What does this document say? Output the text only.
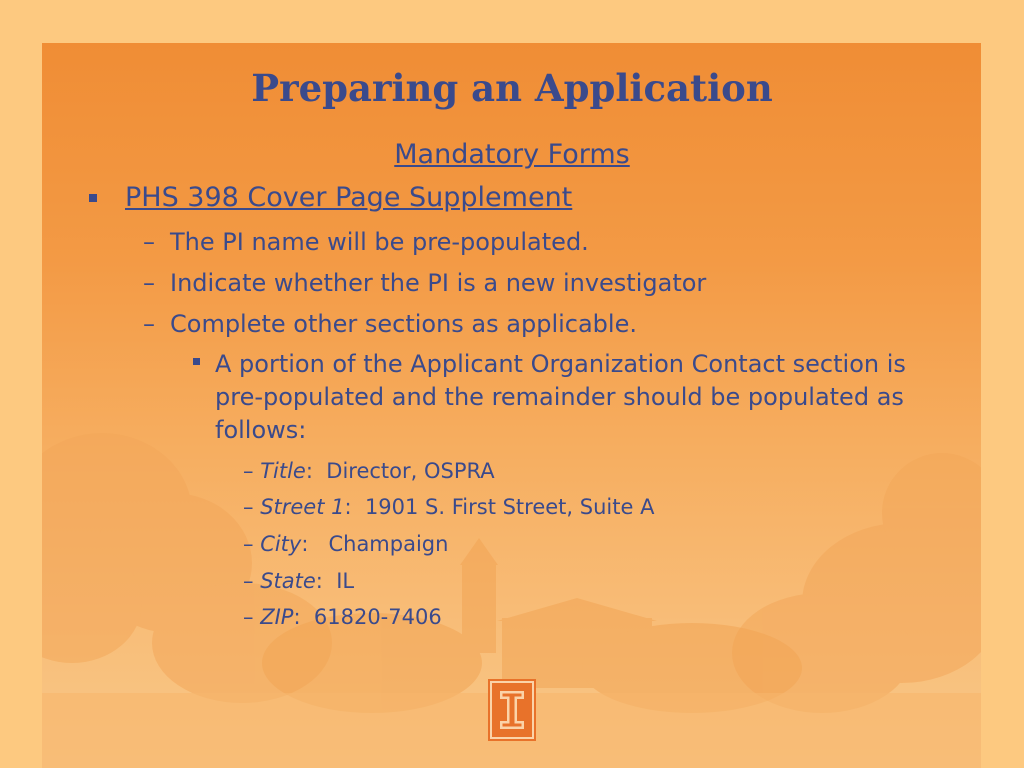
Preparing an Application
Mandatory Forms
PHS 398 Cover Page Supplement
– The PI name will be pre-populated.
– Indicate whether the PI is a new investigator
– Complete other sections as applicable.
A portion of the Applicant Organization Contact section is pre-populated and the remainder should be populated as follows:
– Title:  Director, OSPRA
– Street 1:  1901 S. First Street, Suite A
– City:   Champaign
– State:  IL
– ZIP:  61820-7406
